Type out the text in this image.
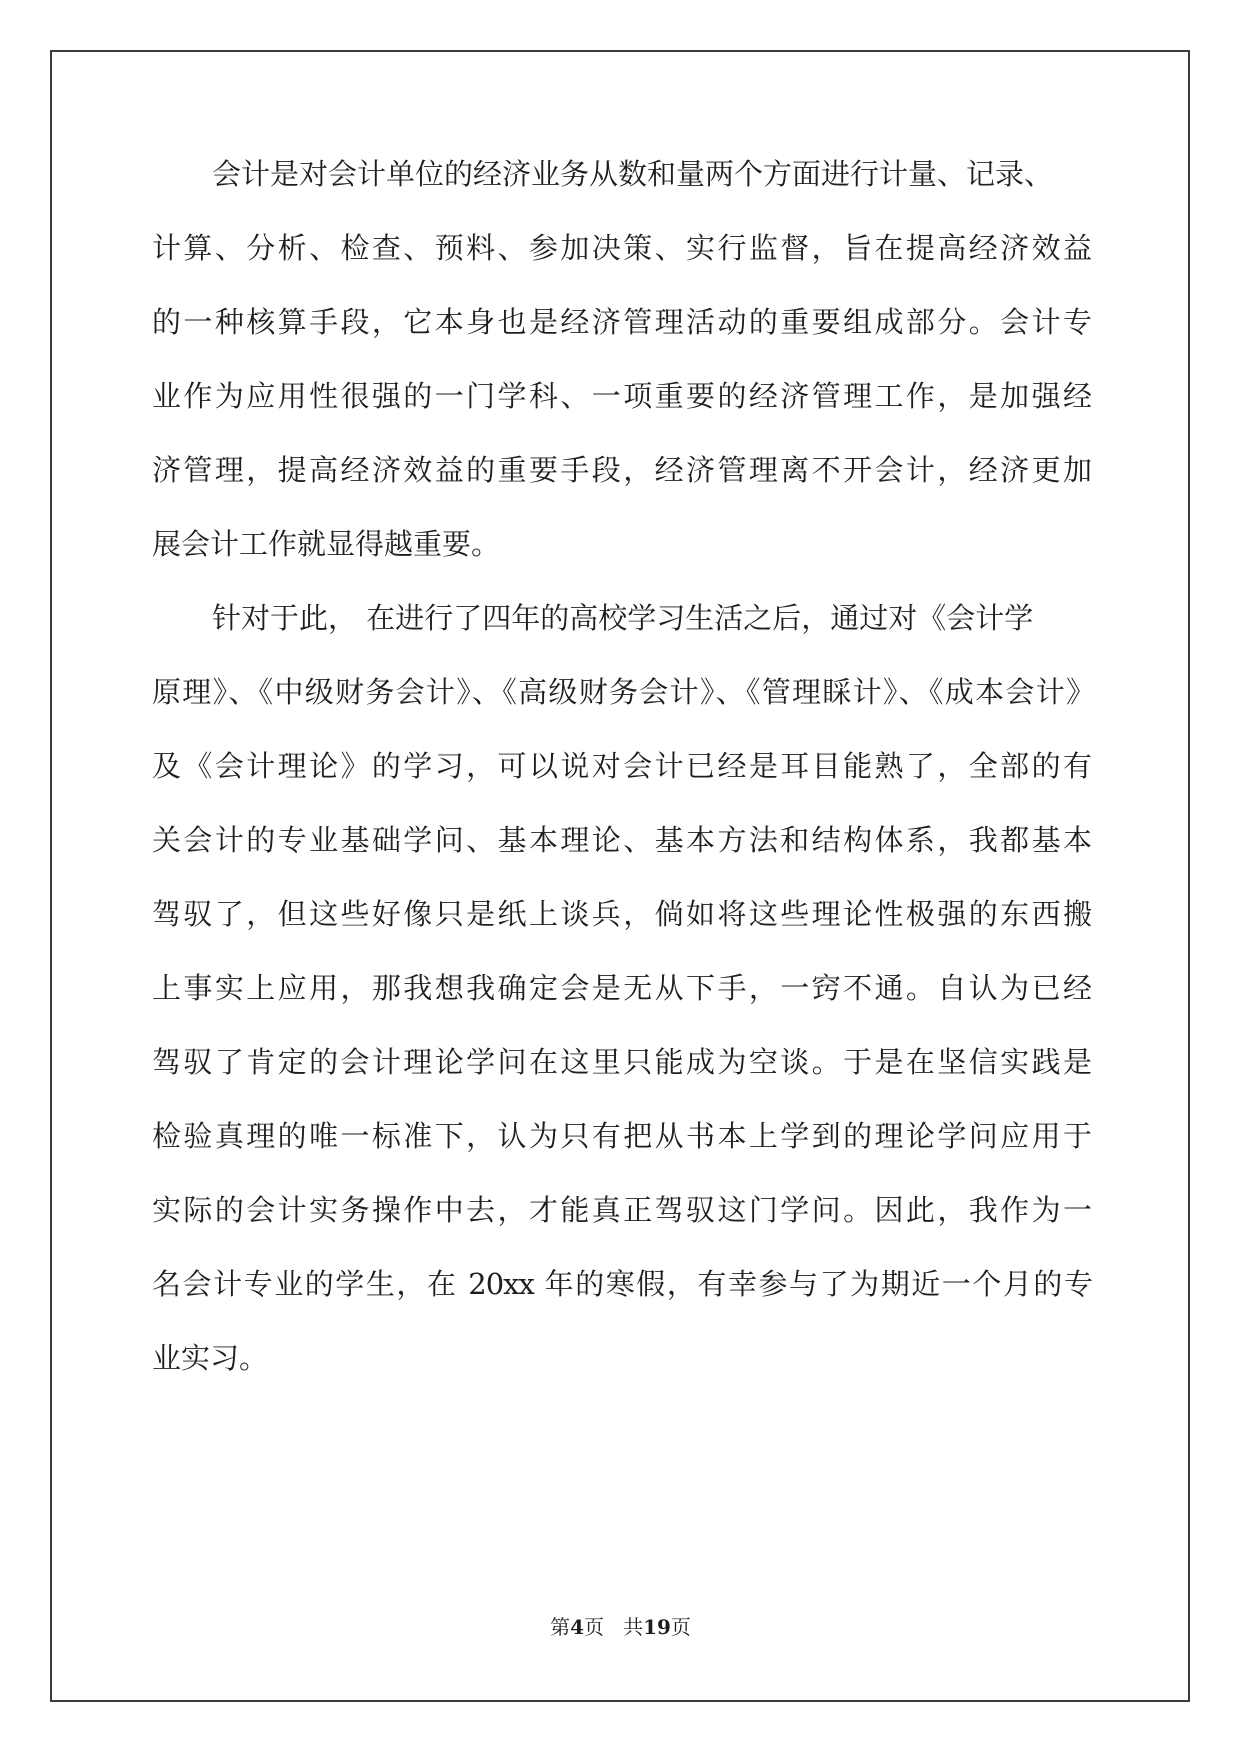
会计是对会计单位的经济业务从数和量两个方面进行计量、记录、

计算、分析、检查、预料、参加决策、实行监督，旨在提高经济效益

的一种核算手段，它本身也是经济管理活动的重要组成部分。会计专

业作为应用性很强的一门学科、一项重要的经济管理工作，是加强经

济管理，提高经济效益的重要手段，经济管理离不开会计，经济更加

展会计工作就显得越重要。

针对于此， 在进行了四年的高校学习生活之后，通过对《会计学

原理》、《中级财务会计》、《高级财务会计》、《管理睬计》、《成本会计》

及《会计理论》的学习，可以说对会计已经是耳目能熟了，全部的有

关会计的专业基础学问、基本理论、基本方法和结构体系，我都基本

驾驭了，但这些好像只是纸上谈兵，倘如将这些理论性极强的东西搬

上事实上应用，那我想我确定会是无从下手，一窍不通。自认为已经

驾驭了肯定的会计理论学问在这里只能成为空谈。于是在坚信实践是

检验真理的唯一标准下，认为只有把从书本上学到的理论学问应用于

实际的会计实务操作中去，才能真正驾驭这门学问。因此，我作为一

名会计专业的学生，在 20xx 年的寒假，有幸参与了为期近一个月的专

业实习。

第4页   共19页
